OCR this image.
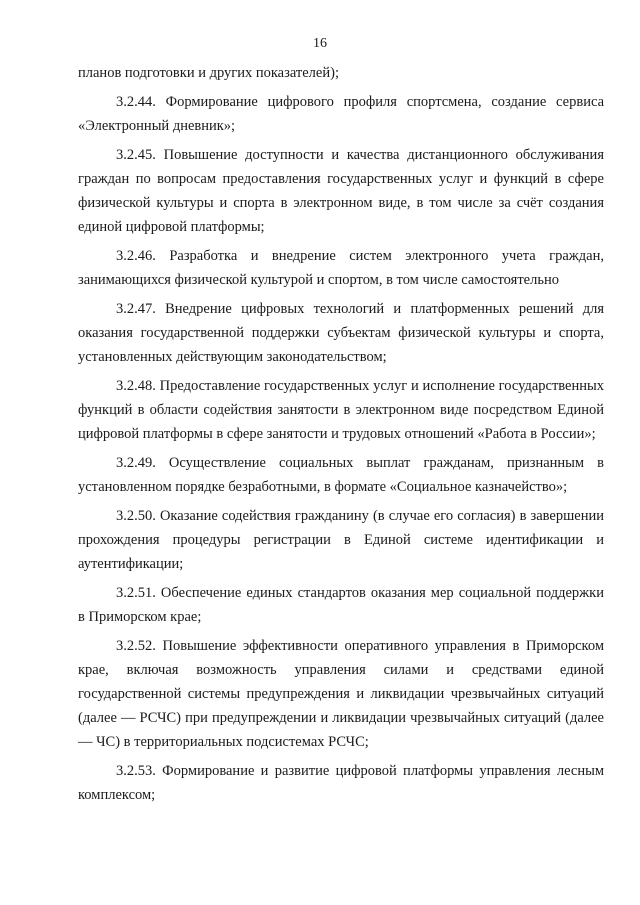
16

планов подготовки и других показателей);

3.2.44. Формирование цифрового профиля спортсмена, создание сервиса «Электронный дневник»;

3.2.45. Повышение доступности и качества дистанционного обслуживания граждан по вопросам предоставления государственных услуг и функций в сфере физической культуры и спорта в электронном виде, в том числе за счёт создания единой цифровой платформы;

3.2.46. Разработка и внедрение систем электронного учета граждан, занимающихся физической культурой и спортом, в том числе самостоятельно

3.2.47. Внедрение цифровых технологий и платформенных решений для оказания государственной поддержки субъектам физической культуры и спорта, установленных действующим законодательством;

3.2.48. Предоставление государственных услуг и исполнение государственных функций в области содействия занятости в электронном виде посредством Единой цифровой платформы в сфере занятости и трудовых отношений «Работа в России»;

3.2.49. Осуществление социальных выплат гражданам, признанным в установленном порядке безработными, в формате «Социальное казначейство»;

3.2.50. Оказание содействия гражданину (в случае его согласия) в завершении прохождения процедуры регистрации в Единой системе идентификации и аутентификации;

3.2.51. Обеспечение единых стандартов оказания мер социальной поддержки в Приморском крае;

3.2.52. Повышение эффективности оперативного управления в Приморском крае, включая возможность управления силами и средствами единой государственной системы предупреждения и ликвидации чрезвычайных ситуаций (далее — РСЧС) при предупреждении и ликвидации чрезвычайных ситуаций (далее — ЧС) в территориальных подсистемах РСЧС;

3.2.53. Формирование и развитие цифровой платформы управления лесным комплексом;
